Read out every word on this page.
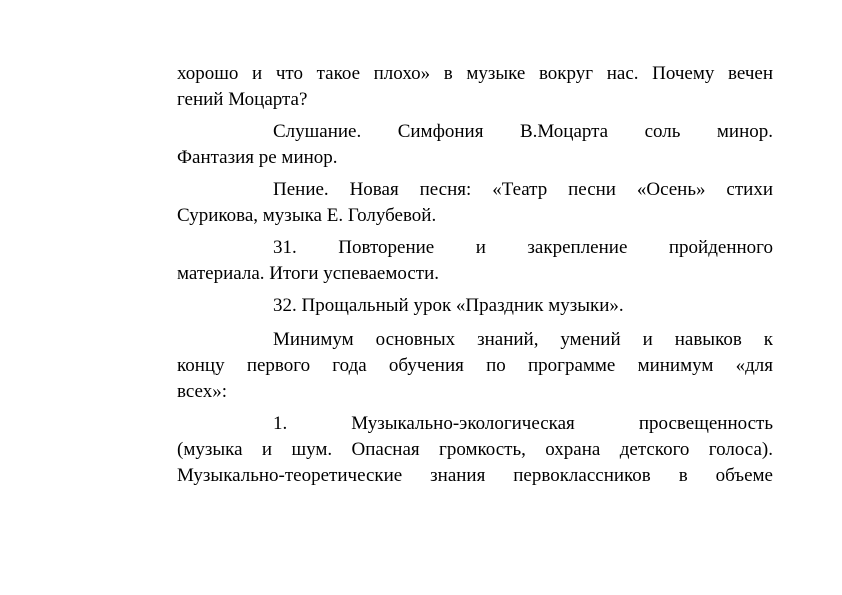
хорошо и что такое плохо» в музыке вокруг нас. Почему вечен

гений Моцарта?

Слушание. Симфония В.Моцарта соль минор.

Фантазия ре минор.

Пение. Новая песня: «Театр песни «Осень» стихи

Сурикова, музыка Е. Голубевой.

31. Повторение и закрепление пройденного

материала. Итоги успеваемости.

32. Прощальный урок «Праздник музыки».

Минимум основных знаний, умений и навыков к

концу первого года обучения по программе минимум «для

всех»:

1. Музыкально-экологическая просвещенность

(музыка и шум. Опасная громкость, охрана детского голоса).

Музыкально-теоретические знания первоклассников в объеме
